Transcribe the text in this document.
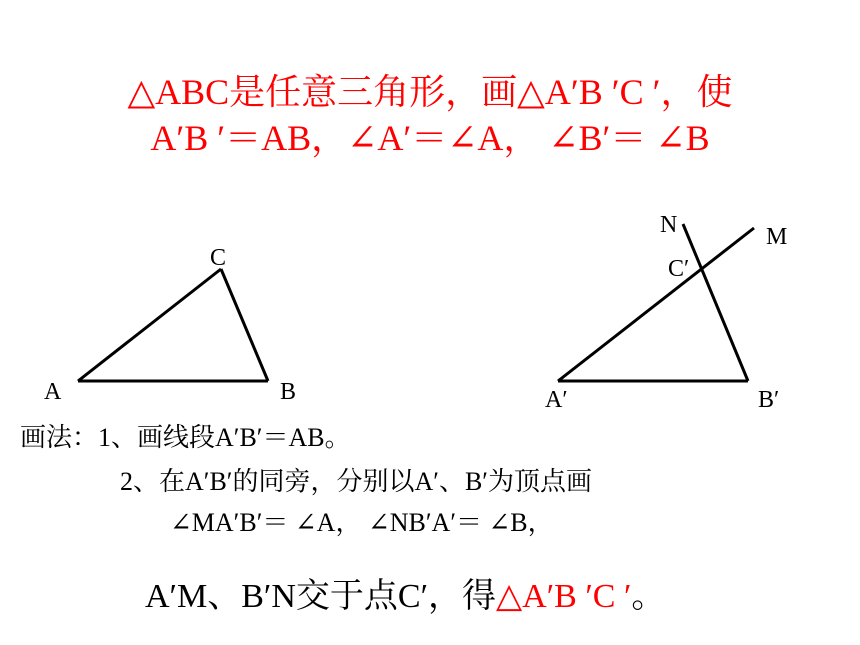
△ABC是任意三角形，画△A′B ′C ′，使
A′B ′＝AB，∠A′＝∠A， ∠B′＝ ∠B
A	B
C
N	M
C′
A′	B′
画法：1、画线段A′B′＝AB。
2、在A′B′的同旁，分别以A′、B′为顶点画
∠MA′B′＝ ∠A， ∠NB′A′＝ ∠B，
A′M、B′N交于点C′，得△A′B ′C ′。
